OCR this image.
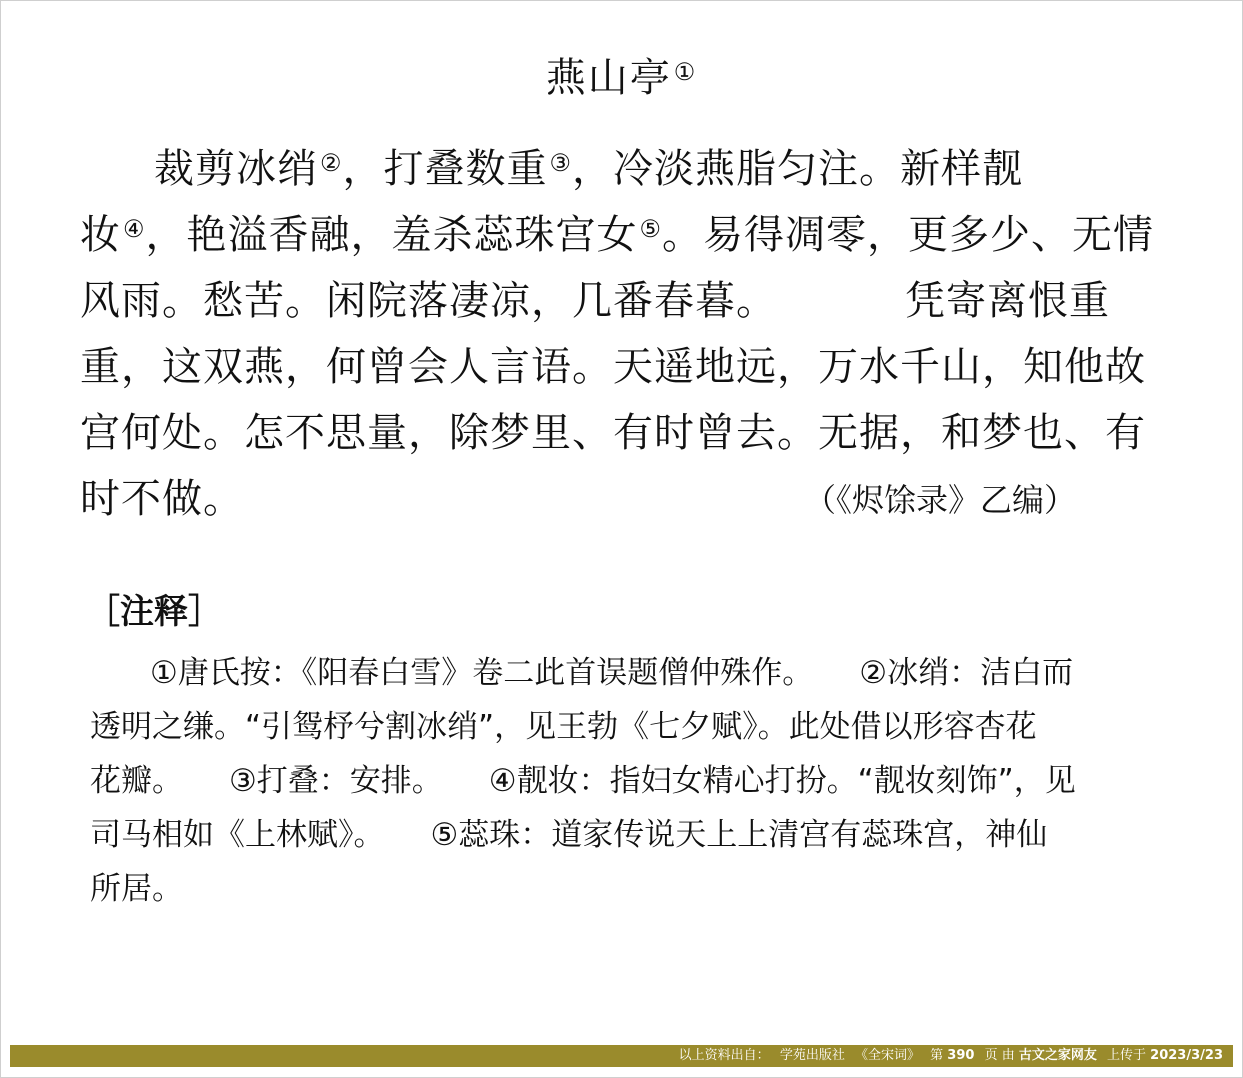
燕山亭①
裁剪冰绡②，打叠数重③，冷淡燕脂匀注。新样靓
妆④，艳溢香融，羞杀蕊珠宫女⑤。易得凋零，更多少、无情
风雨。愁苦。闲院落凄凉，几番春暮。	凭寄离恨重
重，这双燕，何曾会人言语。天遥地远，万水千山，知他故
宫何处。怎不思量，除梦里、有时曾去。无据，和梦也、有
时不做。	（《烬馀录》乙编）
［注释］
①唐氏按：《阳春白雪》卷二此首误题僧仲殊作。 ②冰绡：洁白而
透明之缣。“引鸳杼兮割冰绡”，见王勃《七夕赋》。此处借以形容杏花
花瓣。 ③打叠：安排。 ④靓妆：指妇女精心打扮。“靓妆刻饰”，见
司马相如《上林赋》。 ⑤蕊珠：道家传说天上上清宫有蕊珠宫，神仙
所居。
以上资料出自： 学苑出版社 《全宋词》 第 390 页 由 古文之家网友 上传于 2023/3/23
